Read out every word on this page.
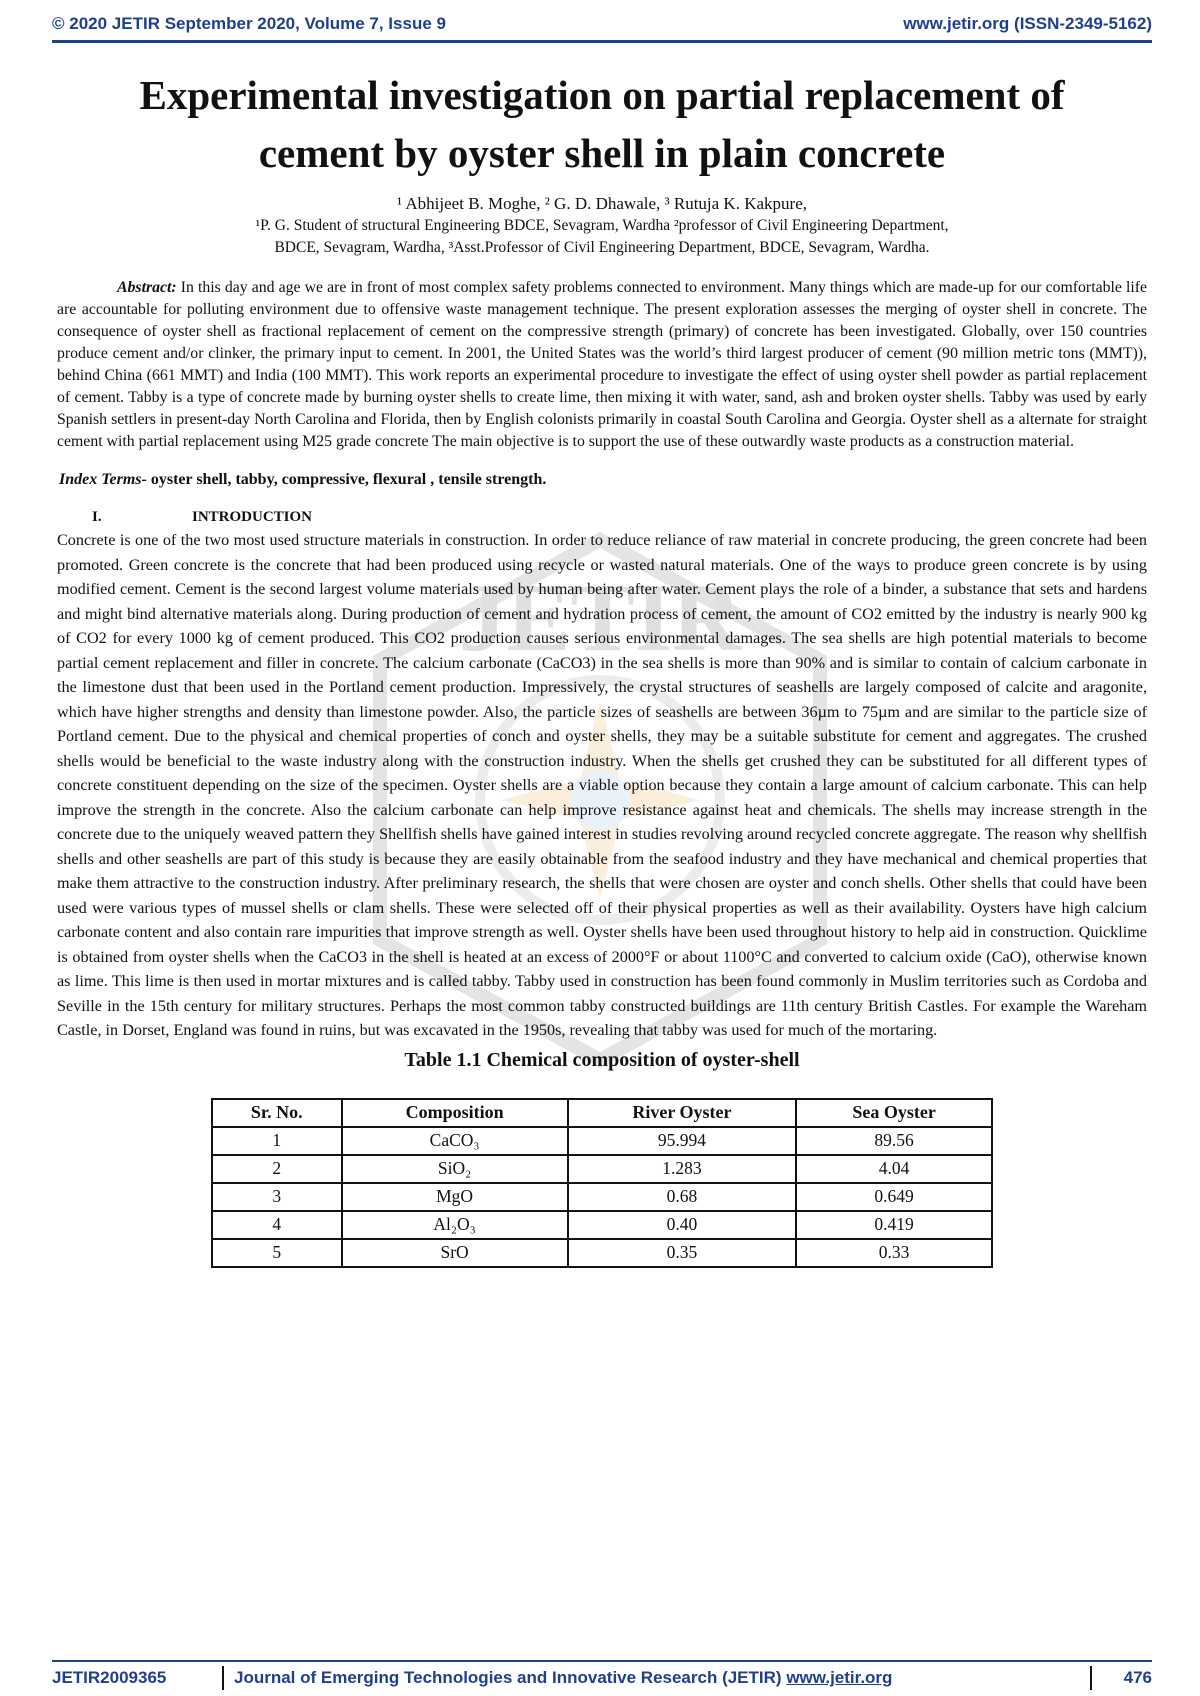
© 2020 JETIR September 2020, Volume 7, Issue 9	www.jetir.org (ISSN-2349-5162)
JETIR
Experimental investigation on partial replacement of cement by oyster shell in plain concrete
¹ Abhijeet B. Moghe, ² G. D. Dhawale, ³ Rutuja K. Kakpure,
¹P. G. Student of structural Engineering BDCE, Sevagram, Wardha ²professor of Civil Engineering Department,
BDCE, Sevagram, Wardha, ³Asst.Professor of Civil Engineering Department, BDCE, Sevagram, Wardha.
Abstract: In this day and age we are in front of most complex safety problems connected to environment. Many things which are made-up for our comfortable life are accountable for polluting environment due to offensive waste management technique. The present exploration assesses the merging of oyster shell in concrete. The consequence of oyster shell as fractional replacement of cement on the compressive strength (primary) of concrete has been investigated. Globally, over 150 countries produce cement and/or clinker, the primary input to cement. In 2001, the United States was the world’s third largest producer of cement (90 million metric tons (MMT)), behind China (661 MMT) and India (100 MMT). This work reports an experimental procedure to investigate the effect of using oyster shell powder as partial replacement of cement. Tabby is a type of concrete made by burning oyster shells to create lime, then mixing it with water, sand, ash and broken oyster shells. Tabby was used by early Spanish settlers in present-day North Carolina and Florida, then by English colonists primarily in coastal South Carolina and Georgia. Oyster shell as a alternate for straight cement with partial replacement using M25 grade concrete The main objective is to support the use of these outwardly waste products as a construction material.
Index Terms- oyster shell, tabby, compressive, flexural , tensile strength.
I.	INTRODUCTION
Concrete is one of the two most used structure materials in construction. In order to reduce reliance of raw material in concrete producing, the green concrete had been promoted. Green concrete is the concrete that had been produced using recycle or wasted natural materials. One of the ways to produce green concrete is by using modified cement. Cement is the second largest volume materials used by human being after water. Cement plays the role of a binder, a substance that sets and hardens and might bind alternative materials along. During production of cement and hydration process of cement, the amount of CO2 emitted by the industry is nearly 900 kg of CO2 for every 1000 kg of cement produced. This CO2 production causes serious environmental damages. The sea shells are high potential materials to become partial cement replacement and filler in concrete. The calcium carbonate (CaCO3) in the sea shells is more than 90% and is similar to contain of calcium carbonate in the limestone dust that been used in the Portland cement production. Impressively, the crystal structures of seashells are largely composed of calcite and aragonite, which have higher strengths and density than limestone powder. Also, the particle sizes of seashells are between 36µm to 75µm and are similar to the particle size of Portland cement. Due to the physical and chemical properties of conch and oyster shells, they may be a suitable substitute for cement and aggregates. The crushed shells would be beneficial to the waste industry along with the construction industry. When the shells get crushed they can be substituted for all different types of concrete constituent depending on the size of the specimen. Oyster shells are a viable option because they contain a large amount of calcium carbonate. This can help improve the strength in the concrete. Also the calcium carbonate can help improve resistance against heat and chemicals. The shells may increase strength in the concrete due to the uniquely weaved pattern they Shellfish shells have gained interest in studies revolving around recycled concrete aggregate. The reason why shellfish shells and other seashells are part of this study is because they are easily obtainable from the seafood industry and they have mechanical and chemical properties that make them attractive to the construction industry. After preliminary research, the shells that were chosen are oyster and conch shells. Other shells that could have been used were various types of mussel shells or clam shells. These were selected off of their physical properties as well as their availability. Oysters have high calcium carbonate content and also contain rare impurities that improve strength as well. Oyster shells have been used throughout history to help aid in construction. Quicklime is obtained from oyster shells when the CaCO3 in the shell is heated at an excess of 2000°F or about 1100°C and converted to calcium oxide (CaO), otherwise known as lime. This lime is then used in mortar mixtures and is called tabby. Tabby used in construction has been found commonly in Muslim territories such as Cordoba and Seville in the 15th century for military structures. Perhaps the most common tabby constructed buildings are 11th century British Castles. For example the Wareham Castle, in Dorset, England was found in ruins, but was excavated in the 1950s, revealing that tabby was used for much of the mortaring.
Table 1.1 Chemical composition of oyster-shell
Sr. No.	Composition	River Oyster	Sea Oyster
1	CaCO₃	95.994	89.56
2	SiO₂	1.283	4.04
3	MgO	0.68	0.649
4	Al₂O₃	0.40	0.419
5	SrO	0.35	0.33
JETIR2009365	Journal of Emerging Technologies and Innovative Research (JETIR) www.jetir.org	476
